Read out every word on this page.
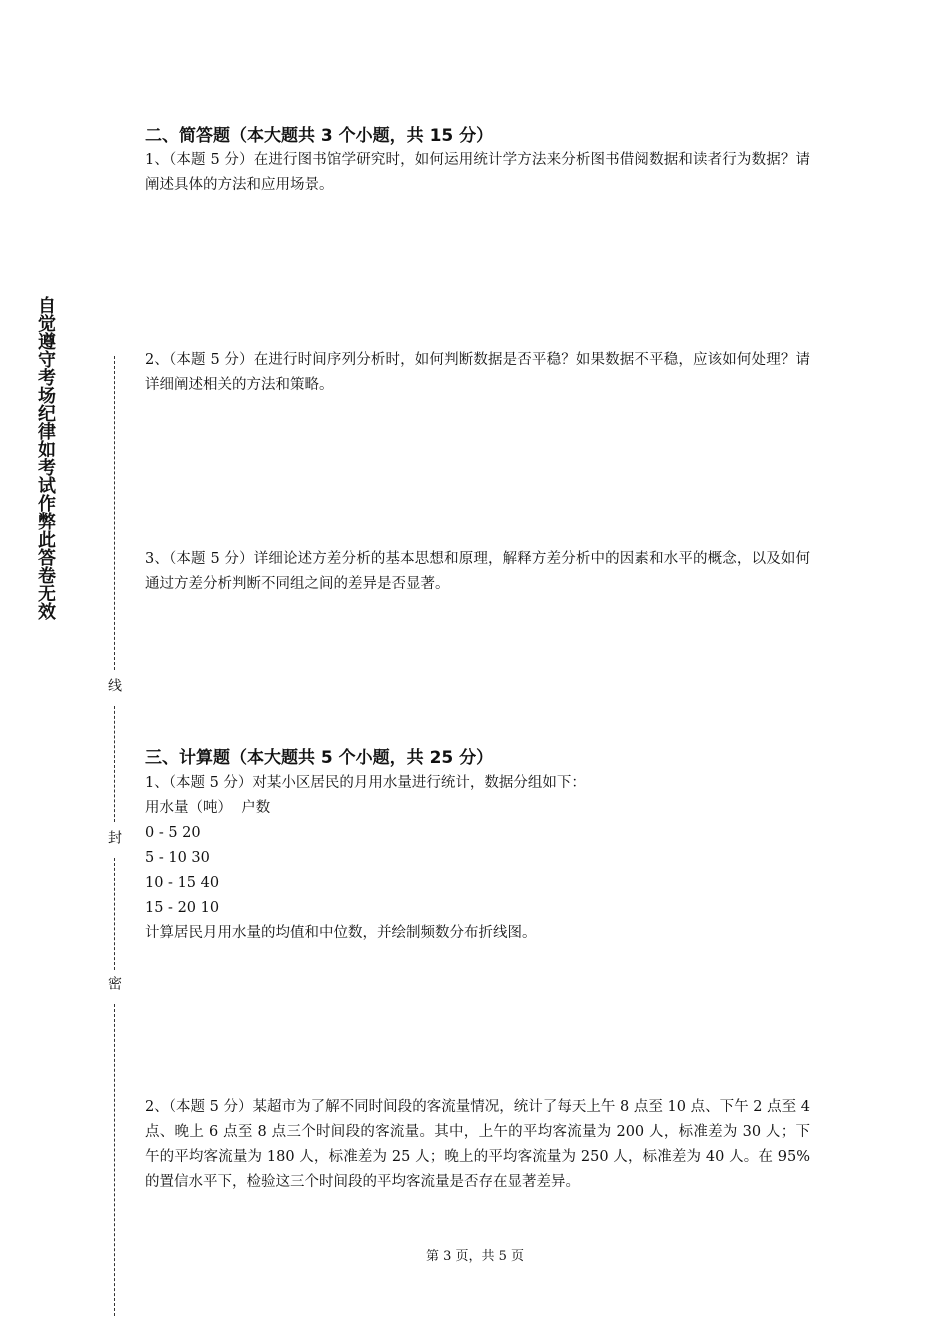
自觉遵守考场纪律如考试作弊此答卷无效
线
封
密
二、简答题（本大题共 3 个小题，共 15 分）

1、（本题 5 分）在进行图书馆学研究时，如何运用统计学方法来分析图书借阅数据和读者行为数据？请阐述具体的方法和应用场景。

2、（本题 5 分）在进行时间序列分析时，如何判断数据是否平稳？如果数据不平稳，应该如何处理？请详细阐述相关的方法和策略。

3、（本题 5 分）详细论述方差分析的基本思想和原理，解释方差分析中的因素和水平的概念，以及如何通过方差分析判断不同组之间的差异是否显著。

三、计算题（本大题共 5 个小题，共 25 分）

1、（本题 5 分）对某小区居民的月用水量进行统计，数据分组如下：

用水量（吨）  户数
0 - 5 20
5 - 10 30
10 - 15 40
15 - 20 10

计算居民月用水量的均值和中位数，并绘制频数分布折线图。

2、（本题 5 分）某超市为了解不同时间段的客流量情况，统计了每天上午 8 点至 10 点、下午 2 点至 4 点、晚上 6 点至 8 点三个时间段的客流量。其中，上午的平均客流量为 200 人，标准差为 30 人；下午的平均客流量为 180 人，标准差为 25 人；晚上的平均客流量为 250 人，标准差为 40 人。在 95%的置信水平下，检验这三个时间段的平均客流量是否存在显著差异。

第 3 页，共 5 页
